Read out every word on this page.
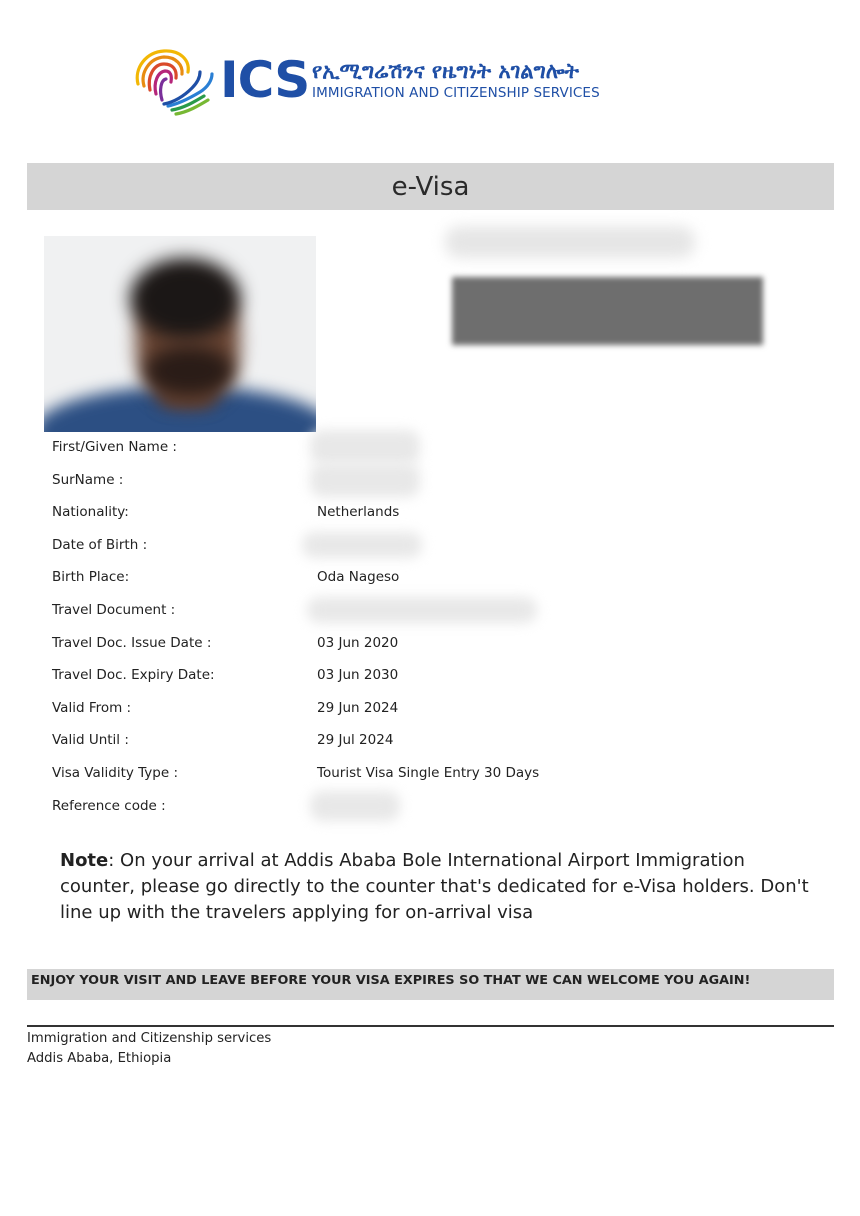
ICS የኢሚግሬሽንና የዜግነት አገልግሎት
IMMIGRATION AND CITIZENSHIP SERVICES
e-Visa
First/Given Name :
SurName :
Nationality:	Netherlands
Date of Birth :
Birth Place:	Oda Nageso
Travel Document :
Travel Doc. Issue Date :	03 Jun 2020
Travel Doc. Expiry Date:	03 Jun 2030
Valid From :	29 Jun 2024
Valid Until :	29 Jul 2024
Visa Validity Type :	Tourist Visa Single Entry 30 Days
Reference code :
Note: On your arrival at Addis Ababa Bole International Airport Immigration counter, please go directly to the counter that's dedicated for e-Visa holders. Don't line up with the travelers applying for on-arrival visa
ENJOY YOUR VISIT AND LEAVE BEFORE YOUR VISA EXPIRES SO THAT WE CAN WELCOME YOU AGAIN!
Immigration and Citizenship services
Addis Ababa, Ethiopia
